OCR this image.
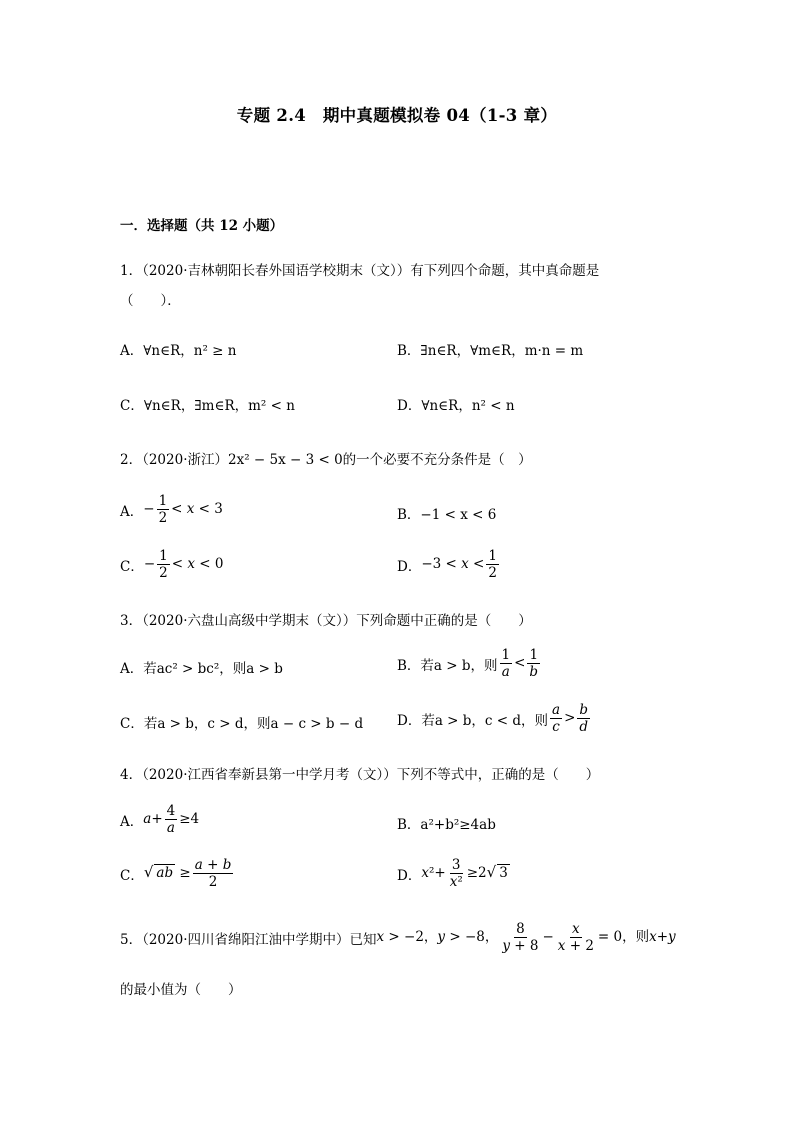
专题 2.4　期中真题模拟卷 04（1-3 章）
一．选择题（共 12 小题）
1．（2020·吉林朝阳长春外国语学校期末（文））有下列四个命题，其中真命题是
（　　）．
A．∀n∈R，n² ≥ n	B．∃n∈R，∀m∈R，m·n = m
C．∀n∈R，∃m∈R，m² < n	D．∀n∈R，n² < n
2．（2020·浙江）2x² − 5x − 3 < 0的一个必要不充分条件是（　）
A． − $\frac{1}{2} < x < 3$	B．−1 < x < 6
C． − $\frac{1}{2} < x < 0$	D． $-3 < x < \frac{1}{2}$
3．（2020·六盘山高级中学期末（文））下列命题中正确的是（　　）
A．若ac² > bc²，则a > b	B．若a > b，则 $\frac{1}{a} < \frac{1}{b}$
C．若a > b，c > d，则a − c > b − d	D．若a > b，c < d，则 $\frac{a}{c} > \frac{b}{d}$
4．（2020·江西省奉新县第一中学月考（文））下列不等式中，正确的是（　　）
A． $a+ \frac{4}{a} \ge 4$	B．a²+b²≥4ab
C． √ ab ≥ $\frac{a + b}{2}$	D． $x^2+ \frac{3}{\text{x²}} \ge 2√$ 3
5．（2020·四川省绵阳江油中学期中）已知 x > −2，y > −8， $\frac{8}{y + 8} - \frac{x}{x + 2} = 0$，则x+y
的最小值为（　　）
